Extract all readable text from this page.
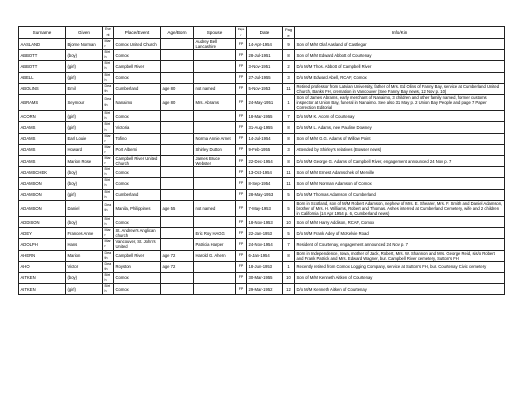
Surname	Given	Event	Place/Event	Age/Born	Spouse	Paper	Date	Page	Info/Kin
AASLAND	Bjorne Norman	Marr	Comox United Church		Audrey Bell Lancashire	FP	14-Apr-1954	9	Son of M/M Olaf Aasland of Castlegar
ABBOTT	(boy)	Birth	Comox			FP	28-Jul-1951	8	Son of M/M Edward Abbott of Courtenay
ABBOTT	(girl)	Birth	Campbell River			FP	3-Nov-1951	2	D/o M/M Thos. Abbott of Campbell River
ABELL	(girl)	Birth	Comox			FP	27-Jul-1955	3	D/o M/M Edward Abell, RCAF, Comox
ABOLINS	Emil	Death	Cumberland	age 80	not named	FP	5-Nov-1953	11	Retired professor from Latvian University, father of Mrs. Ed Olins of Fanny Bay, service at Cumberland United Church, Banks FH, cremation in Vancouver (See Fanny Bay news, 12 Nov p. 10)
ABRAMS	Seymour	Death	Nanaimo	age 80	Mrs. Abrams	FP	24-May-1951	1	Son of James Abrams, early merchant of Nanaimo, 3 children and other family named, former customs inspector at Union Bay, funeral in Nanaimo. See also 31 May p. 2 Union Bay People and page 7 Paper Correction Editorial
ACORN	(girl)	Birth	Comox			FP	18-Mar-1955	7	D/o M/M K. Acorn of Courtenay
ADAMS	(girl)	Birth	Victoria			FP	31-Aug-1955	8	D/o M/M L. Adams, nee Pauline Downey
ADAMS	Earl Louie	Marr	Tofino		Norma Annie Arnet	FP	14-Jul-1954	8	Son of M/M G.G. Adams of Willow Point
ADAMS	Howard	Marr	Port Alberni		Shirley Dutton	FP	9-Feb-1955	3	Attended by Shirley's relatives (Bowser news)
ADAMS	Marion Rose	Marr	Campbell River United Church		James Bruce Webster	FP	22-Dec-1954	8	D/o M/M George G. Adams of Campbell River, engagement announced 24 Nov p. 7
ADAMSCHEK	(boy)	Birth	Comox			FP	13-Oct-1954	11	Son of M/M Ernest Adamschek of Merville
ADAMSON	(boy)	Birth	Comox			FP	8-Sep-1954	11	Son of M/M Norman Adamson of Comox
ADAMSON	(girl)	Birth	Cumberland			FP	28-May-1953	5	D/o M/M Thomas Adamson of Cumberland
ADAMSON	Daniel	Death	Manila, Philippines	age 55	not named	FP	7-May-1953	5	Born in Scotland, son of M/M Robert Adamson, nephew of Mrs. E. Shearer, Mrs. F. Smith and Daniel Adamson, brother of Mrs. H. Williams, Robert and Thomas. Ashes interred at Cumberland Cemetery, wife and 2 children in California (14 Apr 1954 p. 6, Cumberland news)
ADDISON	(boy)	Birth	Comox			FP	18-Nov-1953	10	Son of M/M Harry Addison, RCAF, Comox
ADEY	Frances Anne	Marr	St. Andrew's Anglican church		Eric Roy HAGG	FP	22-Jan-1953	5	D/o M/M Frank Adey of McKelvie Road
ADOLPH	Hans	Marr	Vancouver, St. John's United		Patricia Harper	FP	24-Nov-1954	7	Resident of Courtenay, engagement announced 24 Nov p. 7
AHERN	Marion	Death	Campbell River	age 72	Harold G. Ahern	FP	6-Jan-1954	8	Born in Independence, Iowa, mother of Jack, Robert, Mrs. W. Shannon and Mrs. George Reid, sis/o Robert and Frank Patrick and Mrs. Edward Wagner, bur. Campbell River cemetery, Sutton's FH
AHO	Victor	Death	Royston	age 72		FP	18-Jun-1953	1	Recently retired from Comox Logging Company, service at Sutton's FH, bur. Courtenay Civic cemetery
AITKEN	(boy)	Birth	Comox			FP	30-Mar-1955	10	Son of M/M Kenneth Aitken of Courtenay
AITKEN	(girl)	Birth	Comox			FP	29-Mar-1952	12	D/o M/M Kenneth Aitken of Courtenay
